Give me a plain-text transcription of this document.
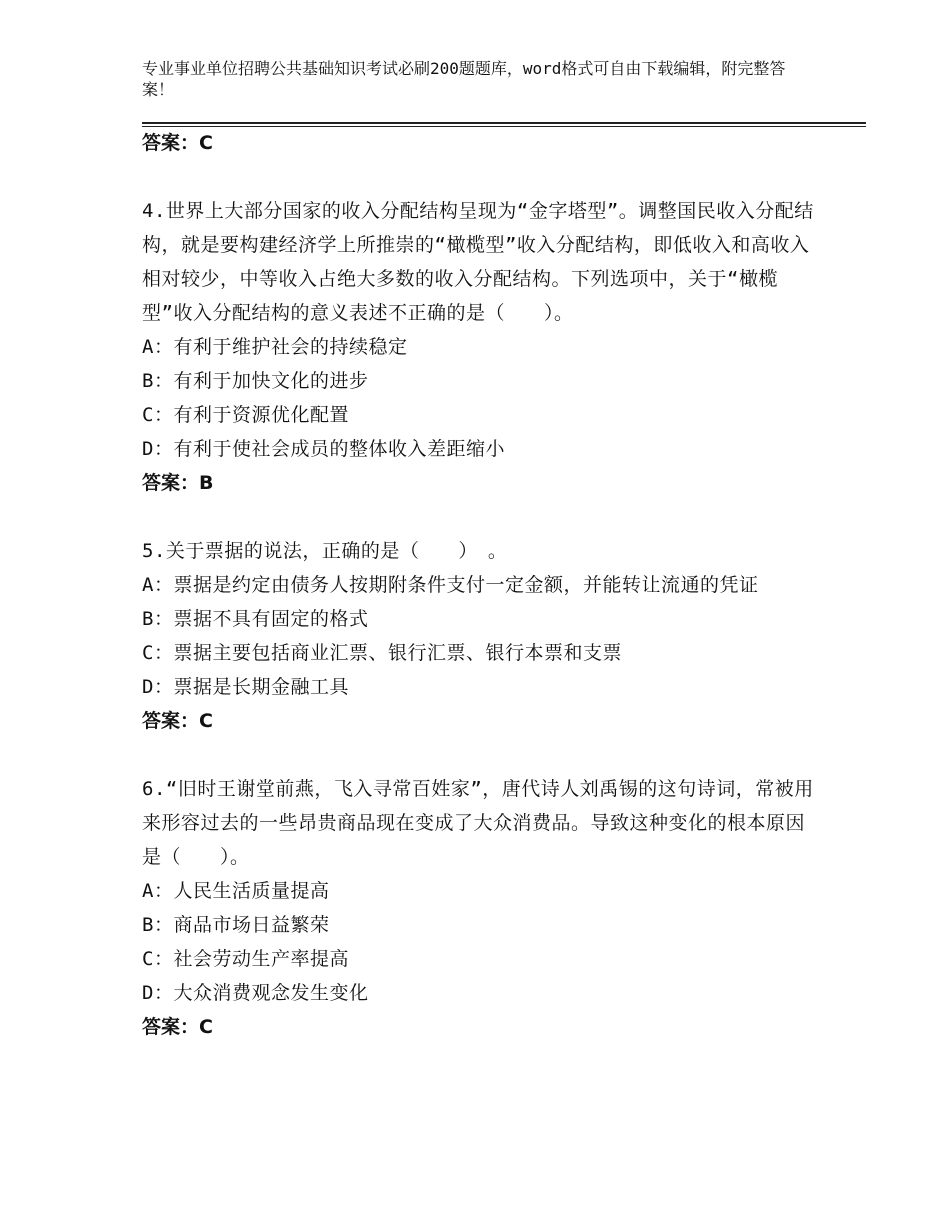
专业事业单位招聘公共基础知识考试必刷200题题库，word格式可自由下载编辑，附完整答案！

答案：C

4.世界上大部分国家的收入分配结构呈现为“金字塔型”。调整国民收入分配结构，就是要构建经济学上所推崇的“橄榄型”收入分配结构，即低收入和高收入相对较少，中等收入占绝大多数的收入分配结构。下列选项中，关于“橄榄型”收入分配结构的意义表述不正确的是（　　）。

A：有利于维护社会的持续稳定

B：有利于加快文化的进步

C：有利于资源优化配置

D：有利于使社会成员的整体收入差距缩小

答案：B

5.关于票据的说法，正确的是（　　）　。

A：票据是约定由债务人按期附条件支付一定金额，并能转让流通的凭证

B：票据不具有固定的格式

C：票据主要包括商业汇票、银行汇票、银行本票和支票

D：票据是长期金融工具

答案：C

6.“旧时王谢堂前燕，飞入寻常百姓家”，唐代诗人刘禹锡的这句诗词，常被用来形容过去的一些昂贵商品现在变成了大众消费品。导致这种变化的根本原因是（　　）。

A：人民生活质量提高

B：商品市场日益繁荣

C：社会劳动生产率提高

D：大众消费观念发生变化

答案：C
